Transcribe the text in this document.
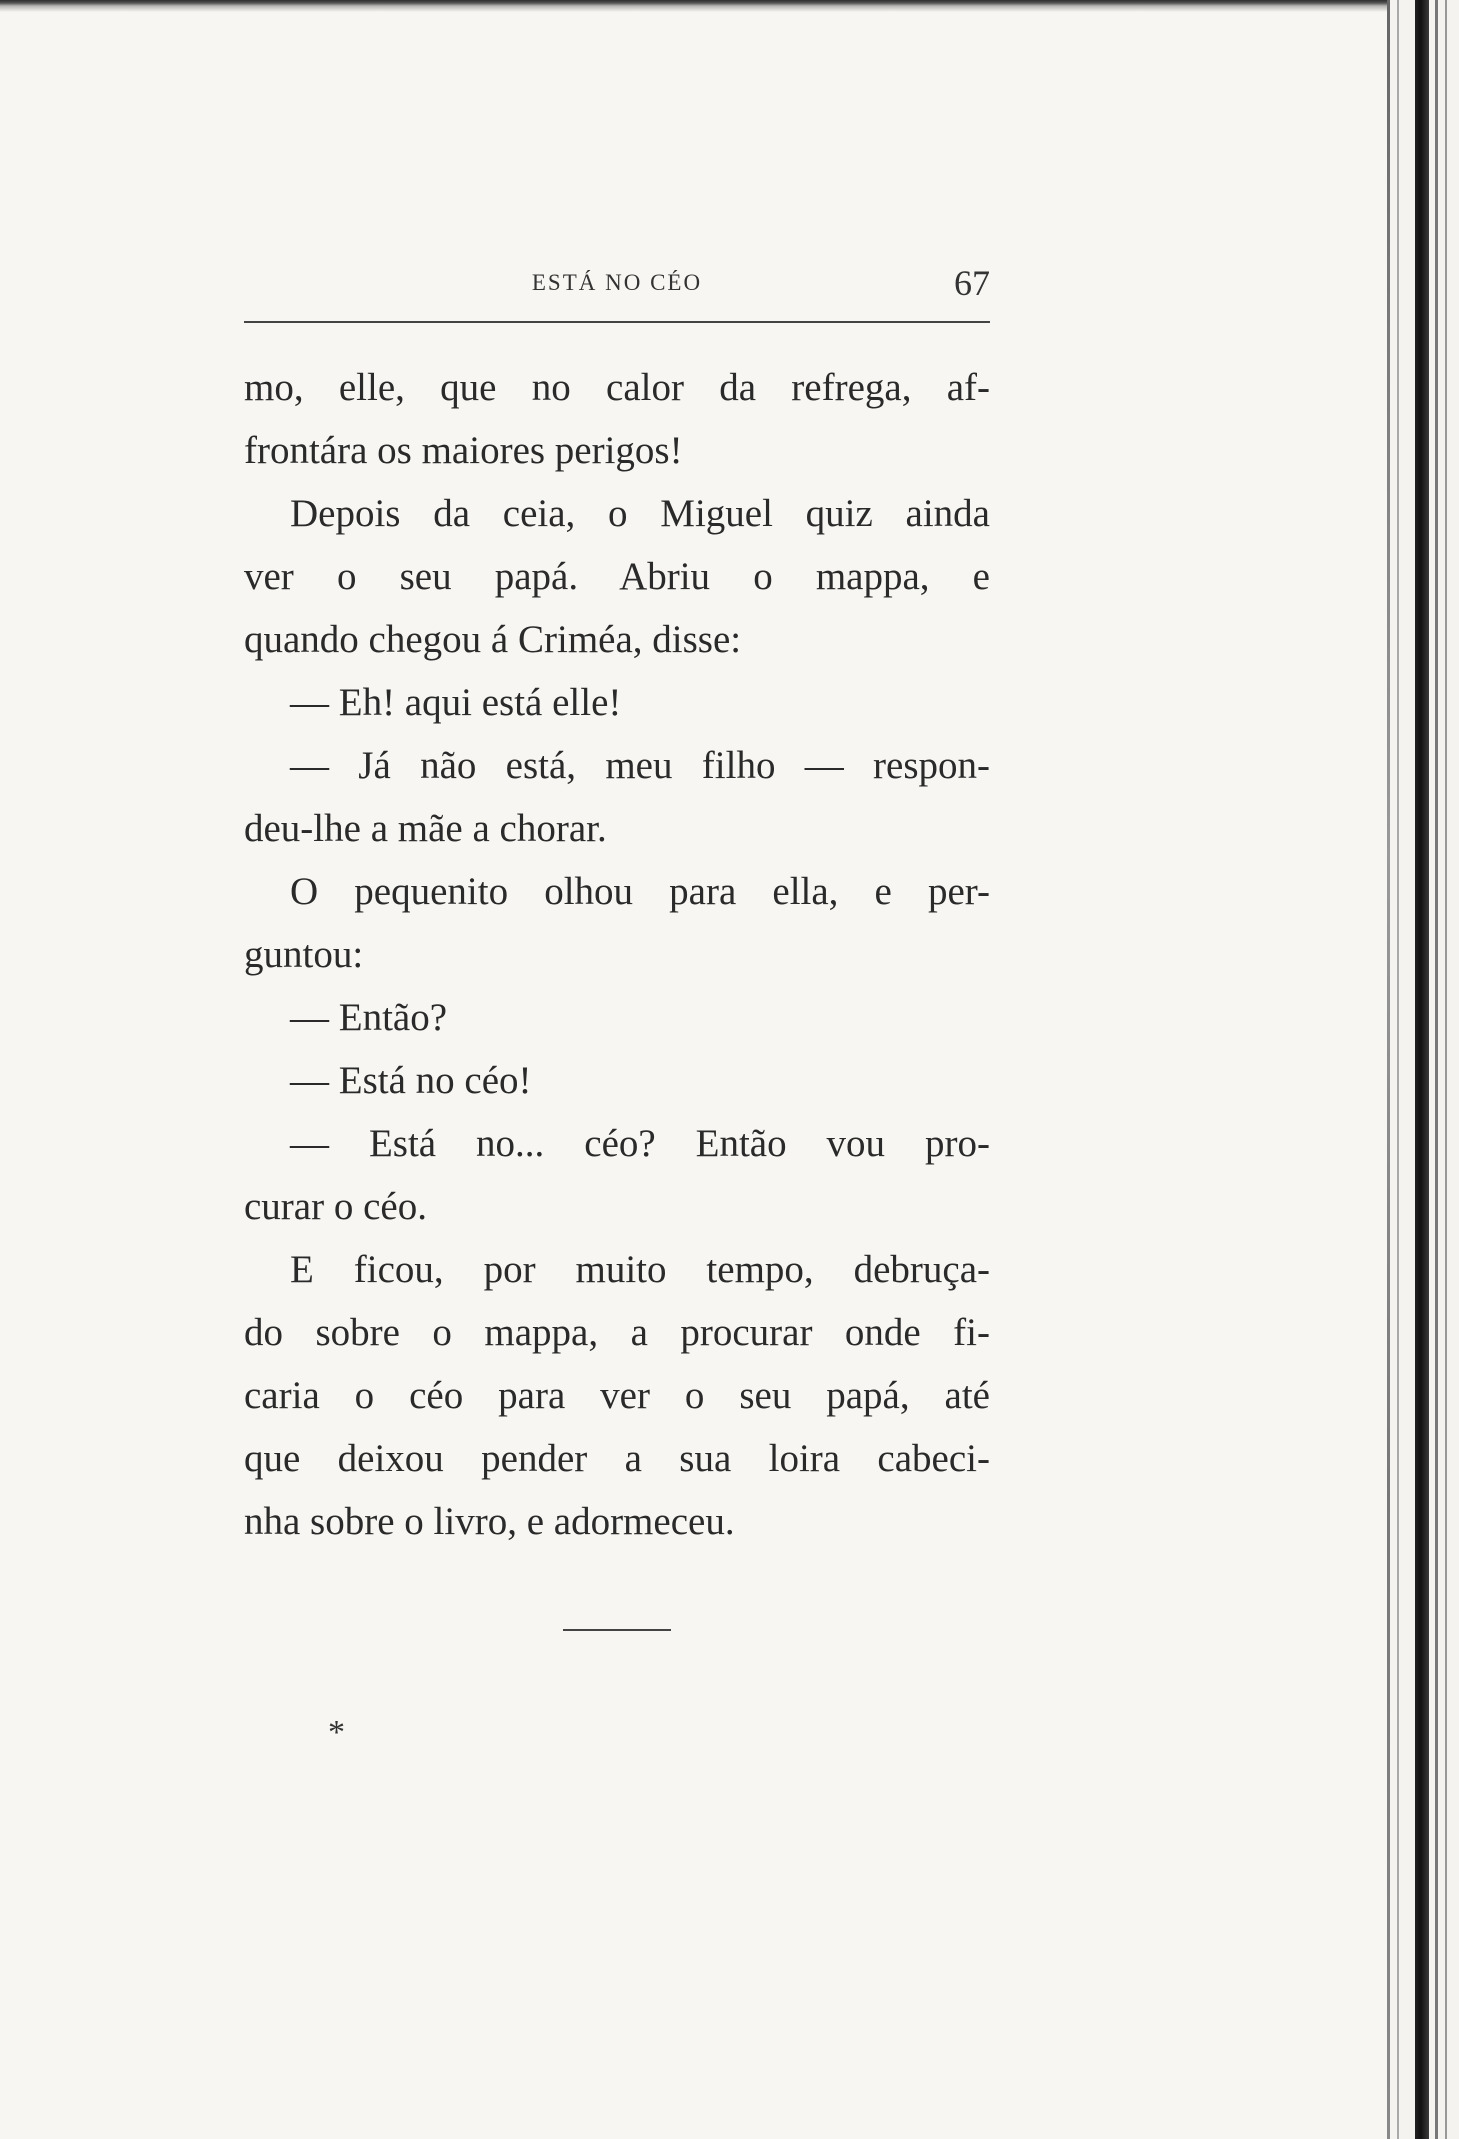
ESTÁ NO CÉO	67
mo, elle, que no calor da refrega, af-
frontára os maiores perigos!
Depois da ceia, o Miguel quiz ainda
ver o seu papá. Abriu o mappa, e
quando chegou á Criméa, disse:
— Eh! aqui está elle!
— Já não está, meu filho — respon-
deu-lhe a mãe a chorar.
O pequenito olhou para ella, e per-
guntou:
— Então?
— Está no céo!
— Está no... céo? Então vou pro-
curar o céo.
E ficou, por muito tempo, debruça-
do sobre o mappa, a procurar onde fi-
caria o céo para ver o seu papá, até
que deixou pender a sua loira cabeci-
nha sobre o livro, e adormeceu.
*
